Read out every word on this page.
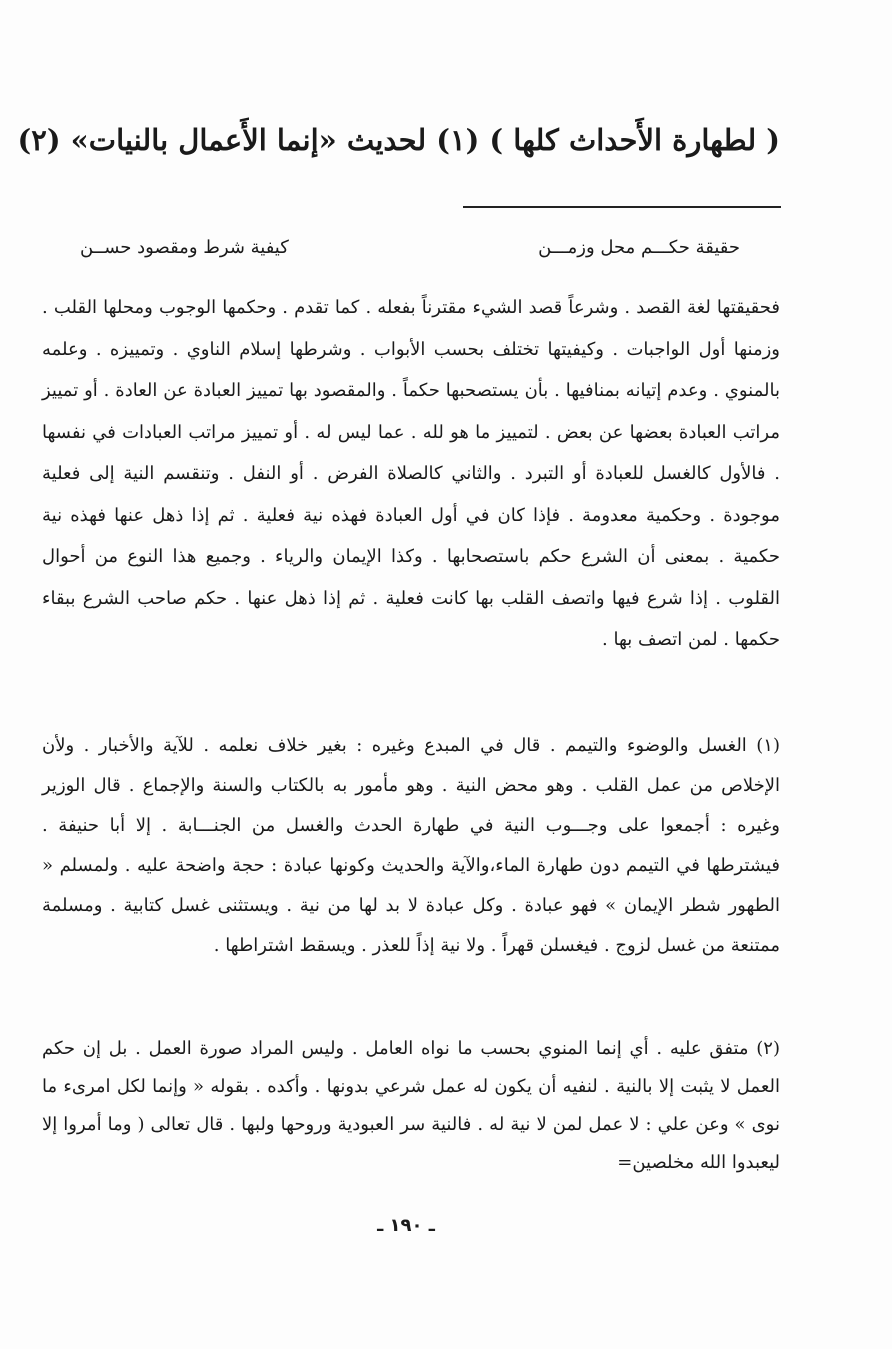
( لطهارة الأَحداث كلها ) (١) لحديث «إنما الأَعمال بالنيات» (٢)
حقيقة حكـــم محل وزمـــن
كيفية شرط ومقصود حســن
فحقيقتها لغة القصد . وشرعاً قصد الشيء مقترناً بفعله . كما تقدم . وحكمها الوجوب ومحلها القلب . وزمنها أول الواجبات . وكيفيتها تختلف بحسب الأبواب . وشرطها إسلام الناوي . وتمييزه . وعلمه بالمنوي . وعدم إتيانه بمنافيها . بأن يستصحبها حكماً . والمقصود بها تمييز العبادة عن العادة . أو تمييز مراتب العبادة بعضها عن بعض . لتمييز ما هو لله . عما ليس له . أو تمييز مراتب العبادات في نفسها . فالأول كالغسل للعبادة أو التبرد . والثاني كالصلاة الفرض . أو النفل . وتنقسم النية إلى فعلية موجودة . وحكمية معدومة . فإذا كان في أول العبادة فهذه نية فعلية . ثم إذا ذهل عنها فهذه نية حكمية . بمعنى أن الشرع حكم باستصحابها . وكذا الإيمان والرياء . وجميع هذا النوع من أحوال القلوب . إذا شرع فيها واتصف القلب بها كانت فعلية . ثم إذا ذهل عنها . حكم صاحب الشرع ببقاء حكمها . لمن اتصف بها .
(١) الغسل والوضوء والتيمم . قال في المبدع وغيره : بغير خلاف نعلمه . للآية والأخبار . ولأن الإخلاص من عمل القلب . وهو محض النية . وهو مأمور به بالكتاب والسنة والإجماع . قال الوزير وغيره : أجمعوا على وجـــوب النية في طهارة الحدث والغسل من الجنـــابة . إلا أبا حنيفة . فيشترطها في التيمم دون طهارة الماء،والآية والحديث وكونها عبادة : حجة واضحة عليه . ولمسلم « الطهور شطر الإيمان » فهو عبادة . وكل عبادة لا بد لها من نية . ويستثنى غسل كتابية . ومسلمة ممتنعة من غسل لزوج . فيغسلن قهراً . ولا نية إذاً للعذر . ويسقط اشتراطها .
(٢) متفق عليه . أي إنما المنوي بحسب ما نواه العامل . وليس المراد صورة العمل . بل إن حكم العمل لا يثبت إلا بالنية . لنفيه أن يكون له عمل شرعي بدونها . وأكده . بقوله « وإنما لكل امرىء ما نوى » وعن علي : لا عمل لمن لا نية له . فالنية سر العبودية وروحها ولبها . قال تعالى ( وما أمروا إلا ليعبدوا الله مخلصين=
ـ ١٩٠ ـ
